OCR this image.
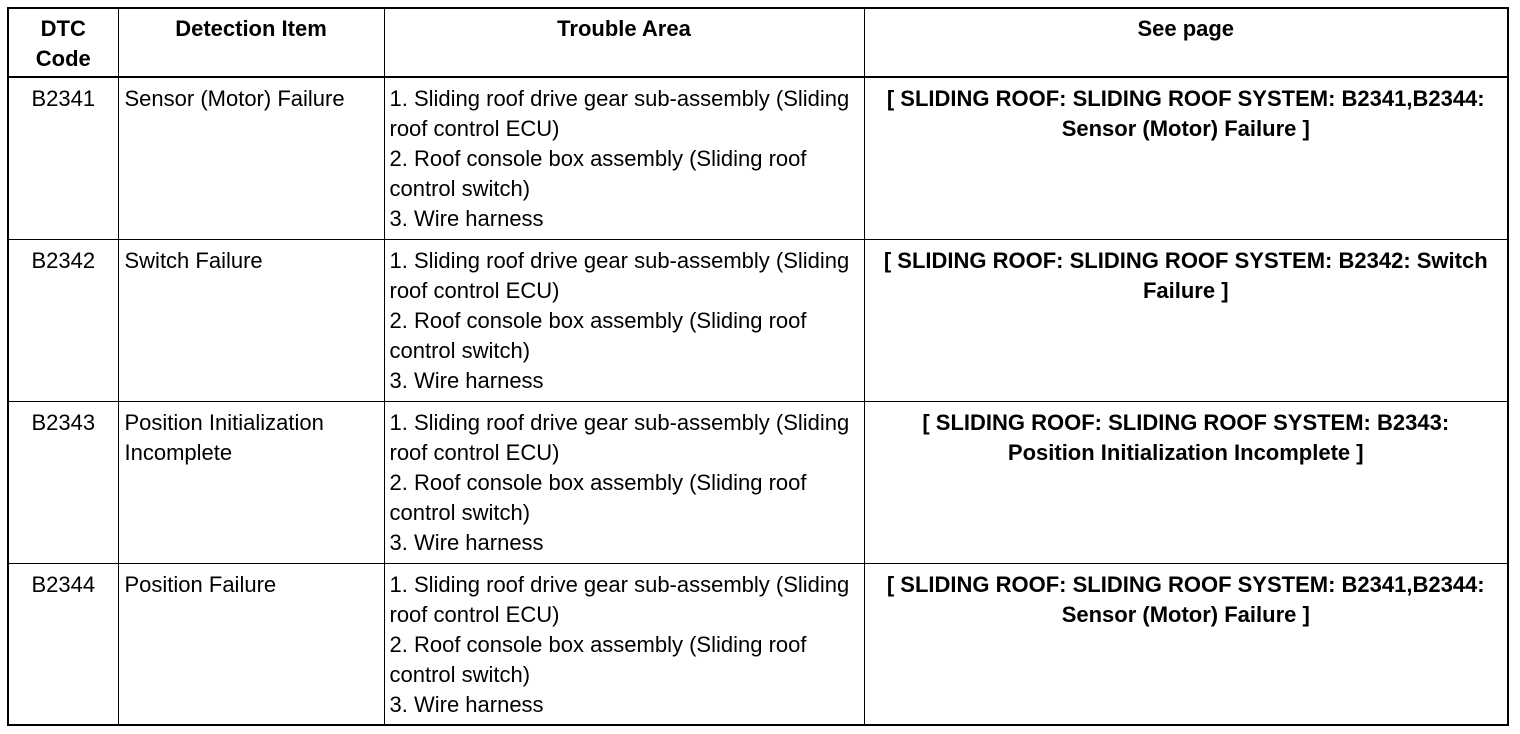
DTC
Code	Detection Item	Trouble Area	See page
B2341	Sensor (Motor) Failure	1. Sliding roof drive gear sub-assembly (Sliding roof control ECU)
2. Roof console box assembly (Sliding roof control switch)
3. Wire harness	[ SLIDING ROOF: SLIDING ROOF SYSTEM: B2341,B2344: Sensor (Motor) Failure ]
B2342	Switch Failure	1. Sliding roof drive gear sub-assembly (Sliding roof control ECU)
2. Roof console box assembly (Sliding roof control switch)
3. Wire harness	[ SLIDING ROOF: SLIDING ROOF SYSTEM: B2342: Switch Failure ]
B2343	Position Initialization Incomplete	1. Sliding roof drive gear sub-assembly (Sliding roof control ECU)
2. Roof console box assembly (Sliding roof control switch)
3. Wire harness	[ SLIDING ROOF: SLIDING ROOF SYSTEM: B2343: Position Initialization Incomplete ]
B2344	Position Failure	1. Sliding roof drive gear sub-assembly (Sliding roof control ECU)
2. Roof console box assembly (Sliding roof control switch)
3. Wire harness	[ SLIDING ROOF: SLIDING ROOF SYSTEM: B2341,B2344: Sensor (Motor) Failure ]
